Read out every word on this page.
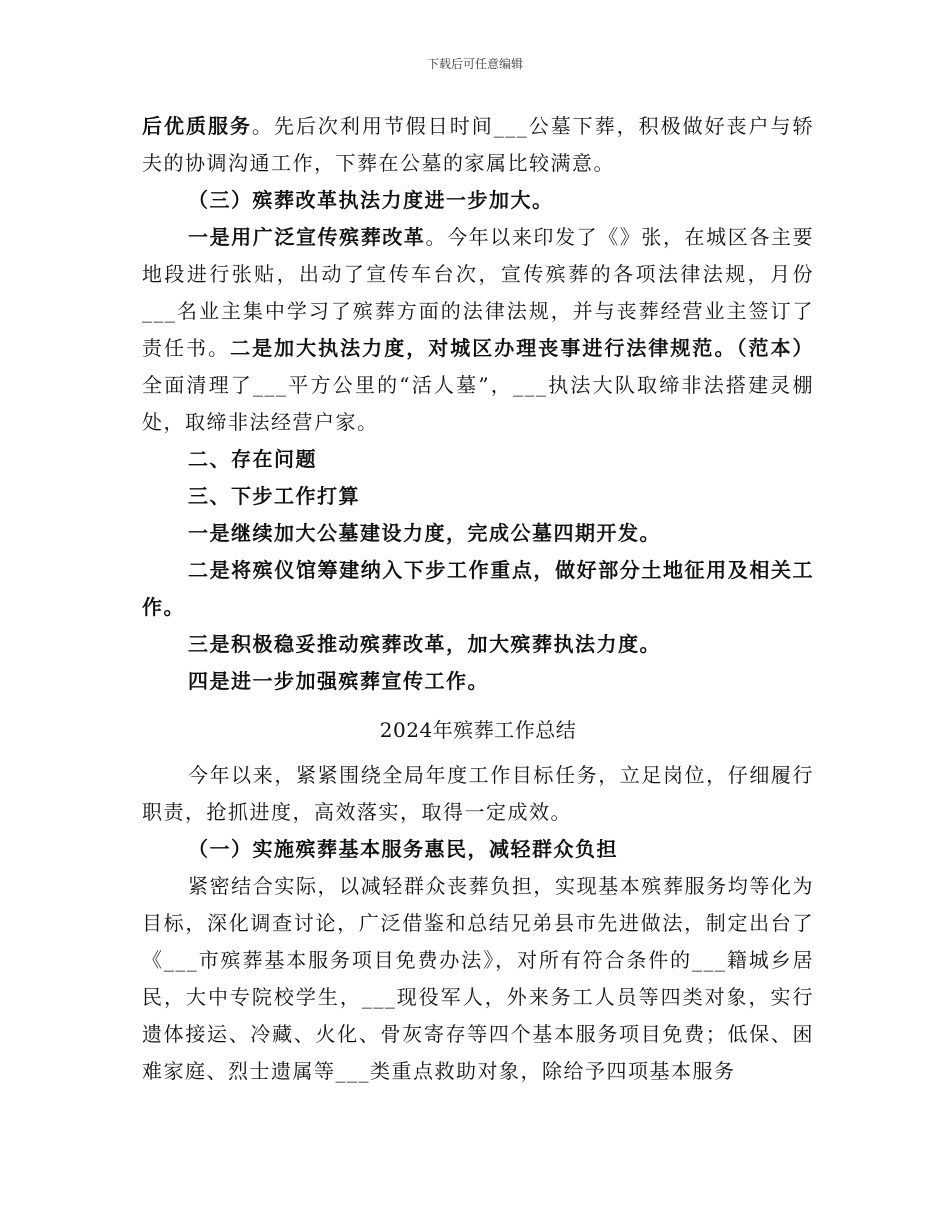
下载后可任意编辑

后优质服务。先后次利用节假日时间___公墓下葬，积极做好丧户与轿夫的协调沟通工作，下葬在公墓的家属比较满意。

（三）殡葬改革执法力度进一步加大。

一是用广泛宣传殡葬改革。今年以来印发了《》张，在城区各主要地段进行张贴，出动了宣传车台次，宣传殡葬的各项法律法规，月份___名业主集中学习了殡葬方面的法律法规，并与丧葬经营业主签订了责任书。二是加大执法力度，对城区办理丧事进行法律规范。（范本）全面清理了___平方公里的“活人墓”，___执法大队取缔非法搭建灵棚处，取缔非法经营户家。

二、存在问题

三、下步工作打算

一是继续加大公墓建设力度，完成公墓四期开发。

二是将殡仪馆筹建纳入下步工作重点，做好部分土地征用及相关工作。

三是积极稳妥推动殡葬改革，加大殡葬执法力度。

四是进一步加强殡葬宣传工作。

2024年殡葬工作总结

今年以来，紧紧围绕全局年度工作目标任务，立足岗位，仔细履行职责，抢抓进度，高效落实，取得一定成效。

（一）实施殡葬基本服务惠民，减轻群众负担

紧密结合实际，以减轻群众丧葬负担，实现基本殡葬服务均等化为目标，深化调查讨论，广泛借鉴和总结兄弟县市先进做法，制定出台了《___市殡葬基本服务项目免费办法》，对所有符合条件的___籍城乡居民，大中专院校学生，___现役军人，外来务工人员等四类对象，实行遗体接运、冷藏、火化、骨灰寄存等四个基本服务项目免费；低保、困难家庭、烈士遗属等___类重点救助对象，除给予四项基本服务
